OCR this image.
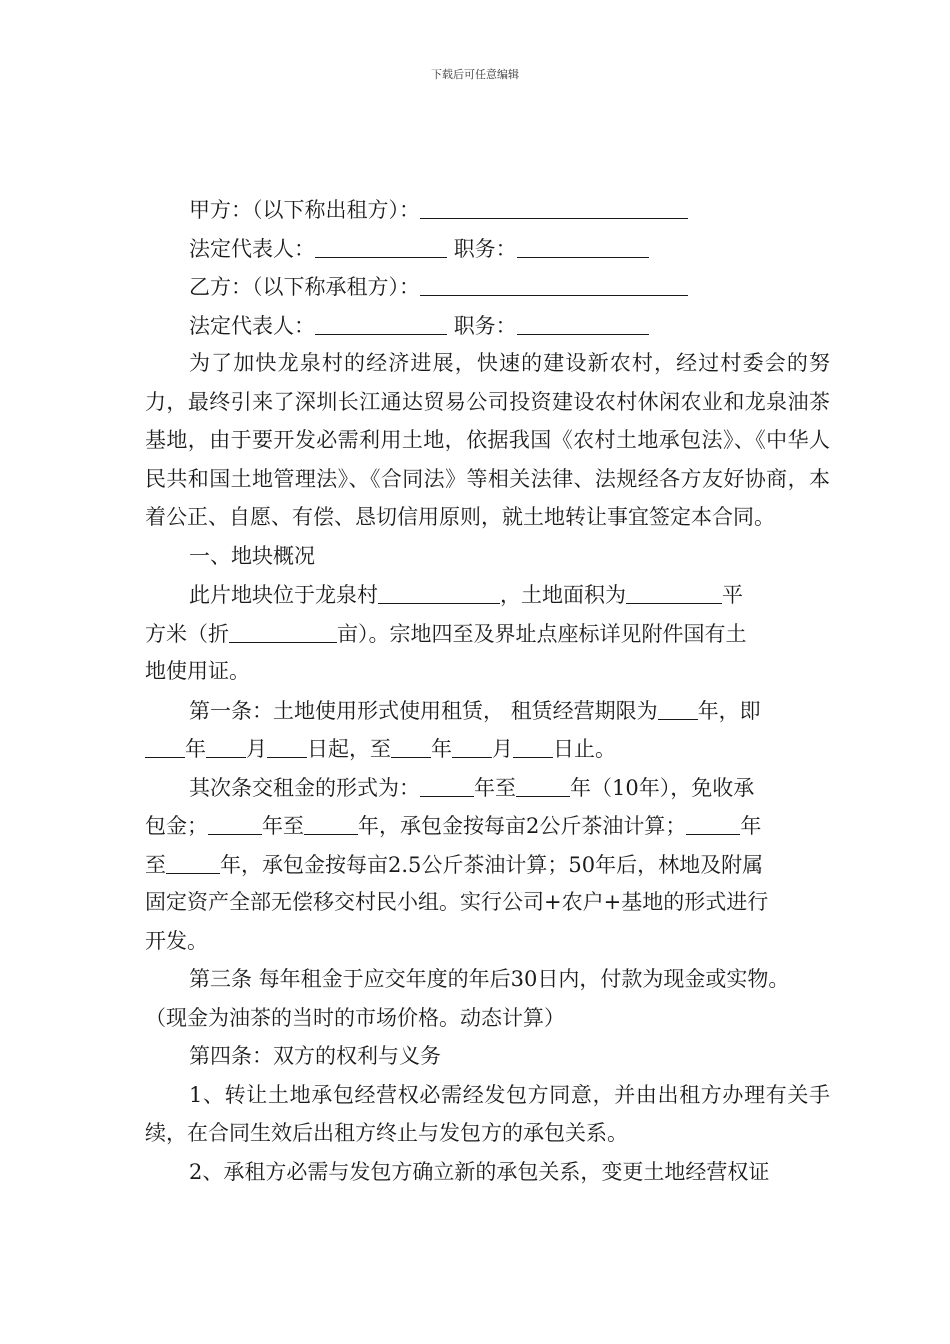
下载后可任意编辑
甲方：（以下称出租方）：
法定代表人：	职务：
乙方：（以下称承租方）：
法定代表人：	职务：
为了加快龙泉村的经济进展，快速的建设新农村，经过村委会的努力，最终引来了深圳长江通达贸易公司投资建设农村休闲农业和龙泉油茶基地，由于要开发必需利用土地，依据我国《农村土地承包法》、《中华人民共和国土地管理法》、《合同法》等相关法律、法规经各方友好协商，本着公正、自愿、有偿、恳切信用原则，就土地转让事宜签定本合同。
一、地块概况
此片地块位于龙泉村	，土地面积为	平
方米（折	亩）。宗地四至及界址点座标详见附件国有土
地使用证。
第一条：土地使用形式使用租赁， 租赁经营期限为 年，即
年 月 日起，至 年 月 日止。
其次条交租金的形式为：	年至	年（10年），免收承
包金；	年至	年，承包金按每亩2公斤茶油计算；	年
至	年，承包金按每亩2.5公斤茶油计算；50年后，林地及附属
固定资产全部无偿移交村民小组。实行公司+农户+基地的形式进行
开发。
第三条 每年租金于应交年度的年后30日内，付款为现金或实物。
（现金为油茶的当时的市场价格。动态计算）
第四条：双方的权利与义务
1、转让土地承包经营权必需经发包方同意，并由出租方办理有关手续，在合同生效后出租方终止与发包方的承包关系。
2、承租方必需与发包方确立新的承包关系，变更土地经营权证
